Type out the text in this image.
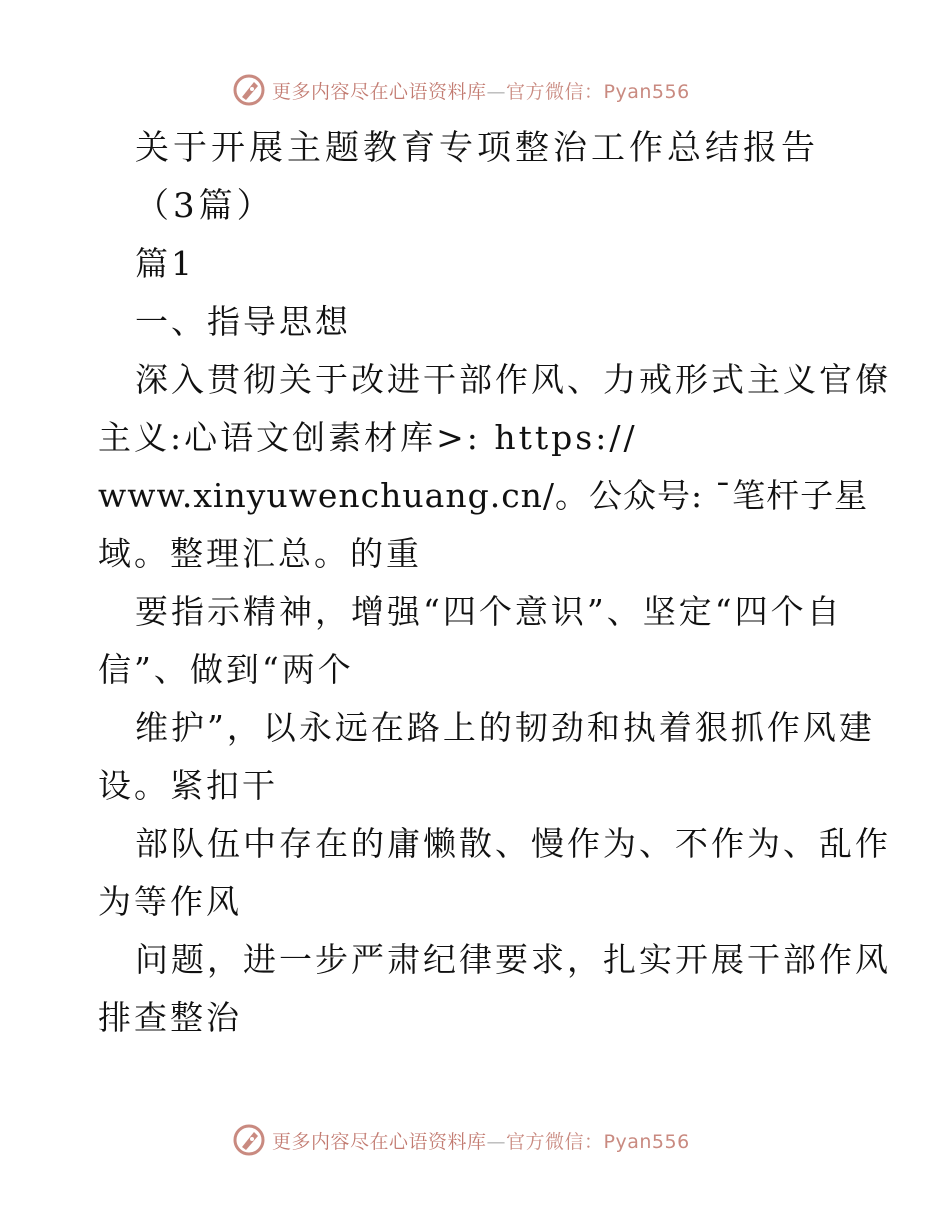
更多内容尽在心语资料库—官方微信：Pyan556
关于开展主题教育专项整治工作总结报告
（3篇）
篇1
一、指导思想
深入贯彻关于改进干部作风、力戒形式主义官僚
主义:心语文创素材库>: https://
www.xinyuwenchuang.cn/。公众号: ¯笔杆子星
域。整理汇总。的重
要指示精神，增强“四个意识”、坚定“四个自
信”、做到“两个
维护”，以永远在路上的韧劲和执着狠抓作风建
设。紧扣干
部队伍中存在的庸懒散、慢作为、不作为、乱作
为等作风
问题，进一步严肃纪律要求，扎实开展干部作风
排查整治
更多内容尽在心语资料库—官方微信：Pyan556
